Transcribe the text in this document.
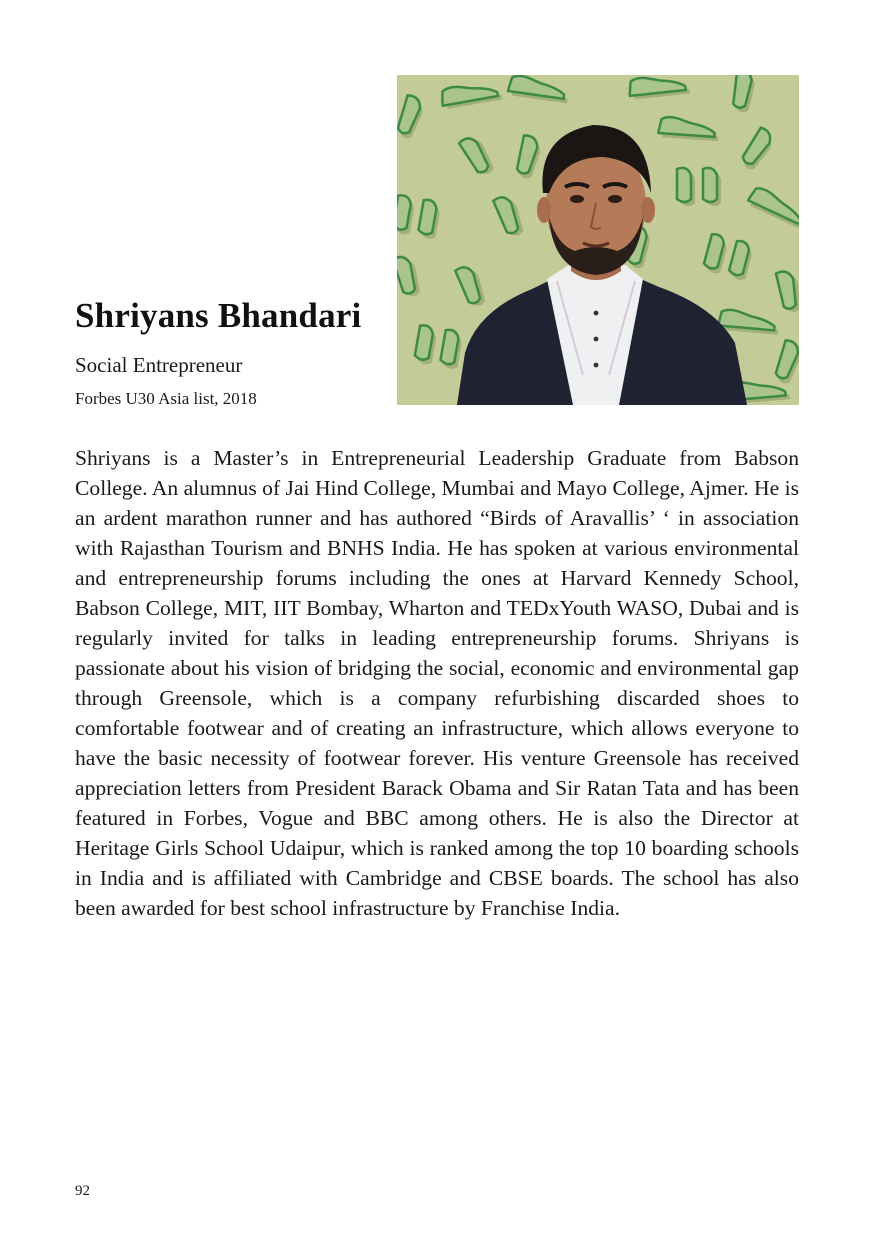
Shriyans Bhandari
Social Entrepreneur
Forbes U30 Asia list, 2018

Shriyans is a Master’s in Entrepreneurial Leadership Graduate from Babson College. An alumnus of Jai Hind College, Mumbai and Mayo College, Ajmer. He is an ardent marathon runner and has authored “Birds of Aravallis’ ‘ in association with Rajasthan Tourism and BNHS India. He has spoken at various environmental and entrepreneurship forums including the ones at Harvard Kennedy School, Babson College, MIT, IIT Bombay, Wharton and TEDxYouth WASO, Dubai and is regularly invited for talks in leading entrepreneurship forums. Shriyans is passionate about his vision of bridging the social, economic and environmental gap through Greensole, which is a company refurbishing discarded shoes to comfortable footwear and of creating an infrastructure, which allows everyone to have the basic necessity of footwear forever. His venture Greensole has received appreciation letters from President Barack Obama and Sir Ratan Tata and has been featured in Forbes, Vogue and BBC among others. He is also the Director at Heritage Girls School Udaipur, which is ranked among the top 10 boarding schools in India and is affiliated with Cambridge and CBSE boards. The school has also been awarded for best school infrastructure by Franchise India.

92
